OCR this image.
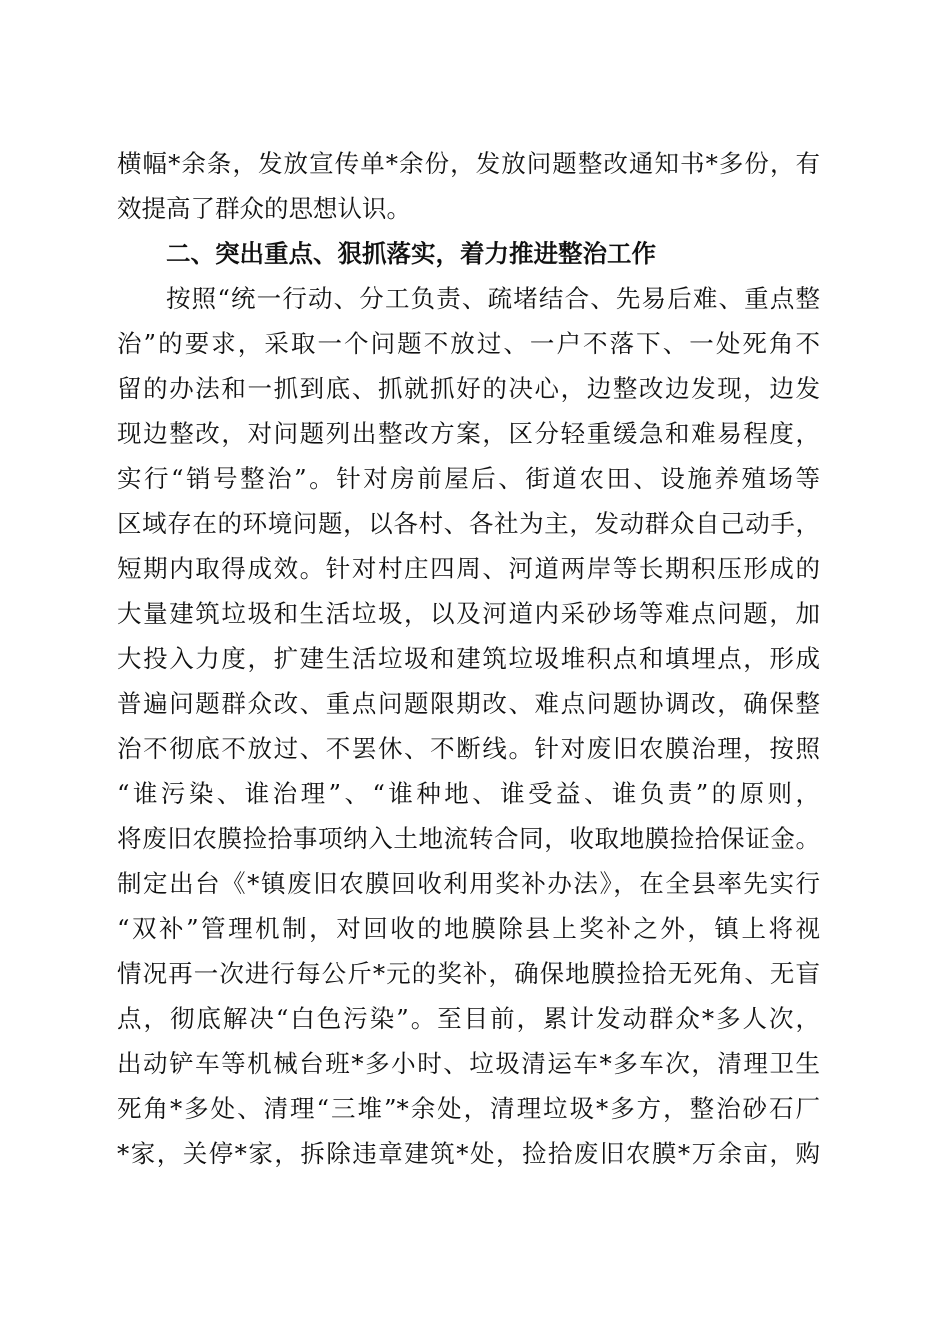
横幅*余条，发放宣传单*余份，发放问题整改通知书*多份，有
效提高了群众的思想认识。
二、突出重点、狠抓落实，着力推进整治工作
按照“统一行动、分工负责、疏堵结合、先易后难、重点整
治”的要求，采取一个问题不放过、一户不落下、一处死角不
留的办法和一抓到底、抓就抓好的决心，边整改边发现，边发
现边整改，对问题列出整改方案，区分轻重缓急和难易程度，
实行“销号整治”。针对房前屋后、街道农田、设施养殖场等
区域存在的环境问题，以各村、各社为主，发动群众自己动手，
短期内取得成效。针对村庄四周、河道两岸等长期积压形成的
大量建筑垃圾和生活垃圾，以及河道内采砂场等难点问题，加
大投入力度，扩建生活垃圾和建筑垃圾堆积点和填埋点，形成
普遍问题群众改、重点问题限期改、难点问题协调改，确保整
治不彻底不放过、不罢休、不断线。针对废旧农膜治理，按照
“谁污染、谁治理”、“谁种地、谁受益、谁负责”的原则，
将废旧农膜捡拾事项纳入土地流转合同，收取地膜捡拾保证金。
制定出台《*镇废旧农膜回收利用奖补办法》，在全县率先实行
“双补”管理机制，对回收的地膜除县上奖补之外，镇上将视
情况再一次进行每公斤*元的奖补，确保地膜捡拾无死角、无盲
点，彻底解决“白色污染”。至目前，累计发动群众*多人次，
出动铲车等机械台班*多小时、垃圾清运车*多车次，清理卫生
死角*多处、清理“三堆”*余处，清理垃圾*多方，整治砂石厂
*家，关停*家，拆除违章建筑*处，捡拾废旧农膜*万余亩，购
